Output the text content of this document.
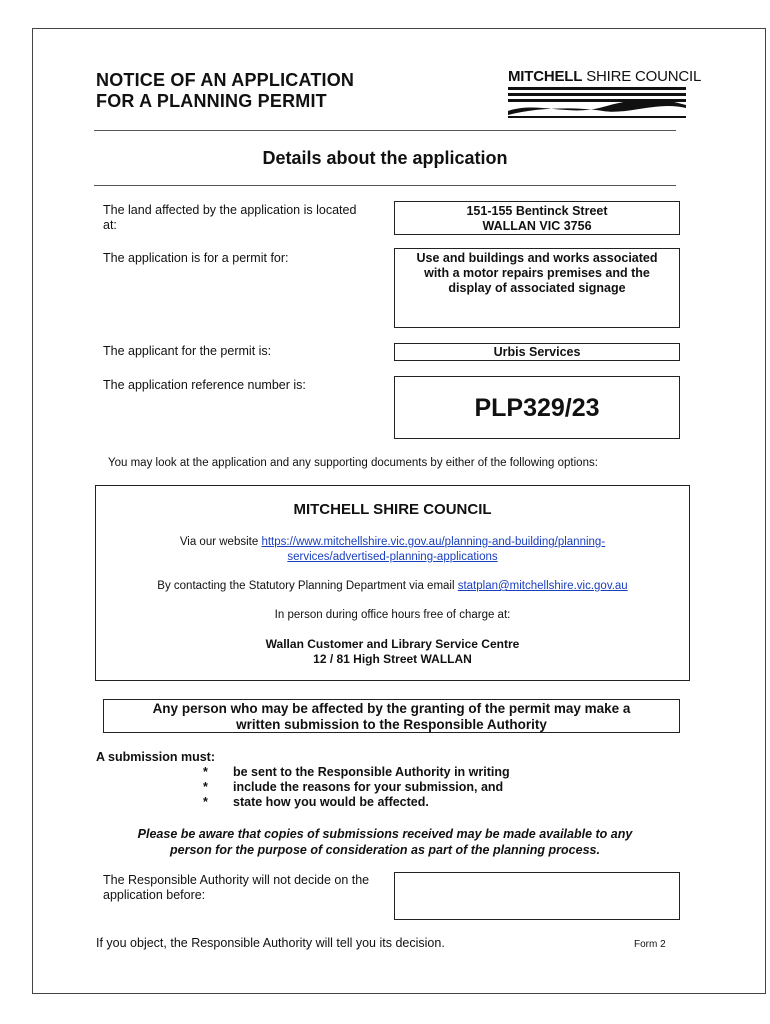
NOTICE OF AN APPLICATION
FOR A PLANNING PERMIT
MITCHELL SHIRE COUNCIL
Details about the application
The land affected by the application is located at:
151-155 Bentinck Street
WALLAN VIC 3756
The application is for a permit for:	Use and buildings and works associated with a motor repairs premises and the display of associated signage
The applicant for the permit is:	Urbis Services
The application reference number is:
PLP329/23
You may look at the application and any supporting documents by either of the following options:
MITCHELL SHIRE COUNCIL
Via our website https://www.mitchellshire.vic.gov.au/planning-and-building/planning-
services/advertised-planning-applications
By contacting the Statutory Planning Department via email statplan@mitchellshire.vic.gov.au
In person during office hours free of charge at:
Wallan Customer and Library Service Centre
12 / 81 High Street WALLAN
Any person who may be affected by the granting of the permit may make a
written submission to the Responsible Authority
A submission must:
* be sent to the Responsible Authority in writing
* include the reasons for your submission, and
* state how you would be affected.
Please be aware that copies of submissions received may be made available to any
person for the purpose of consideration as part of the planning process.
The Responsible Authority will not decide on the application before:
If you object, the Responsible Authority will tell you its decision.	Form 2
